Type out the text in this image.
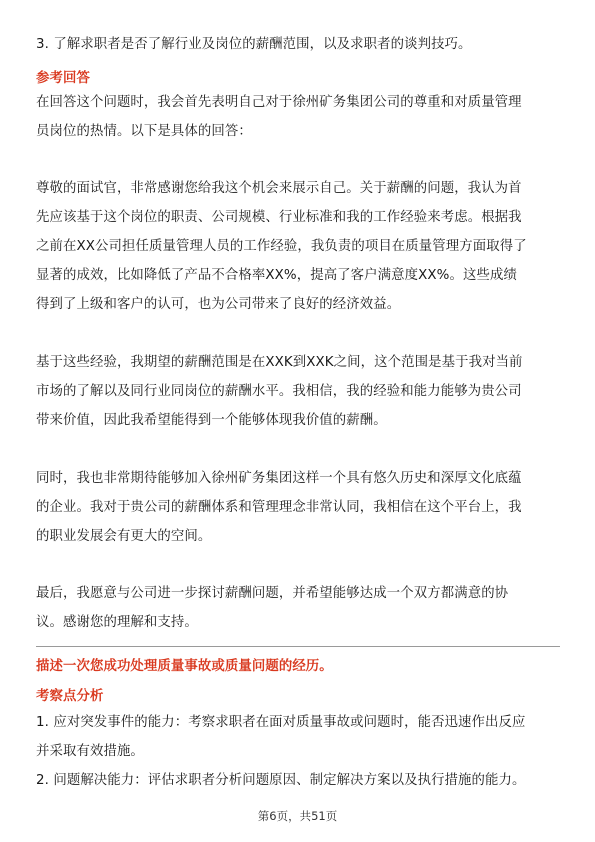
3. 了解求职者是否了解行业及岗位的薪酬范围，以及求职者的谈判技巧。
参考回答
在回答这个问题时，我会首先表明自己对于徐州矿务集团公司的尊重和对质量管理
员岗位的热情。以下是具体的回答：
尊敬的面试官，非常感谢您给我这个机会来展示自己。关于薪酬的问题，我认为首
先应该基于这个岗位的职责、公司规模、行业标准和我的工作经验来考虑。根据我
之前在XX公司担任质量管理人员的工作经验，我负责的项目在质量管理方面取得了
显著的成效，比如降低了产品不合格率XX%，提高了客户满意度XX%。这些成绩
得到了上级和客户的认可，也为公司带来了良好的经济效益。
基于这些经验，我期望的薪酬范围是在XXK到XXK之间，这个范围是基于我对当前
市场的了解以及同行业同岗位的薪酬水平。我相信，我的经验和能力能够为贵公司
带来价值，因此我希望能得到一个能够体现我价值的薪酬。
同时，我也非常期待能够加入徐州矿务集团这样一个具有悠久历史和深厚文化底蕴
的企业。我对于贵公司的薪酬体系和管理理念非常认同，我相信在这个平台上，我
的职业发展会有更大的空间。
最后，我愿意与公司进一步探讨薪酬问题，并希望能够达成一个双方都满意的协
议。感谢您的理解和支持。
描述一次您成功处理质量事故或质量问题的经历。
考察点分析
1. 应对突发事件的能力：考察求职者在面对质量事故或问题时，能否迅速作出反应
并采取有效措施。
2. 问题解决能力：评估求职者分析问题原因、制定解决方案以及执行措施的能力。
第6页，共51页
